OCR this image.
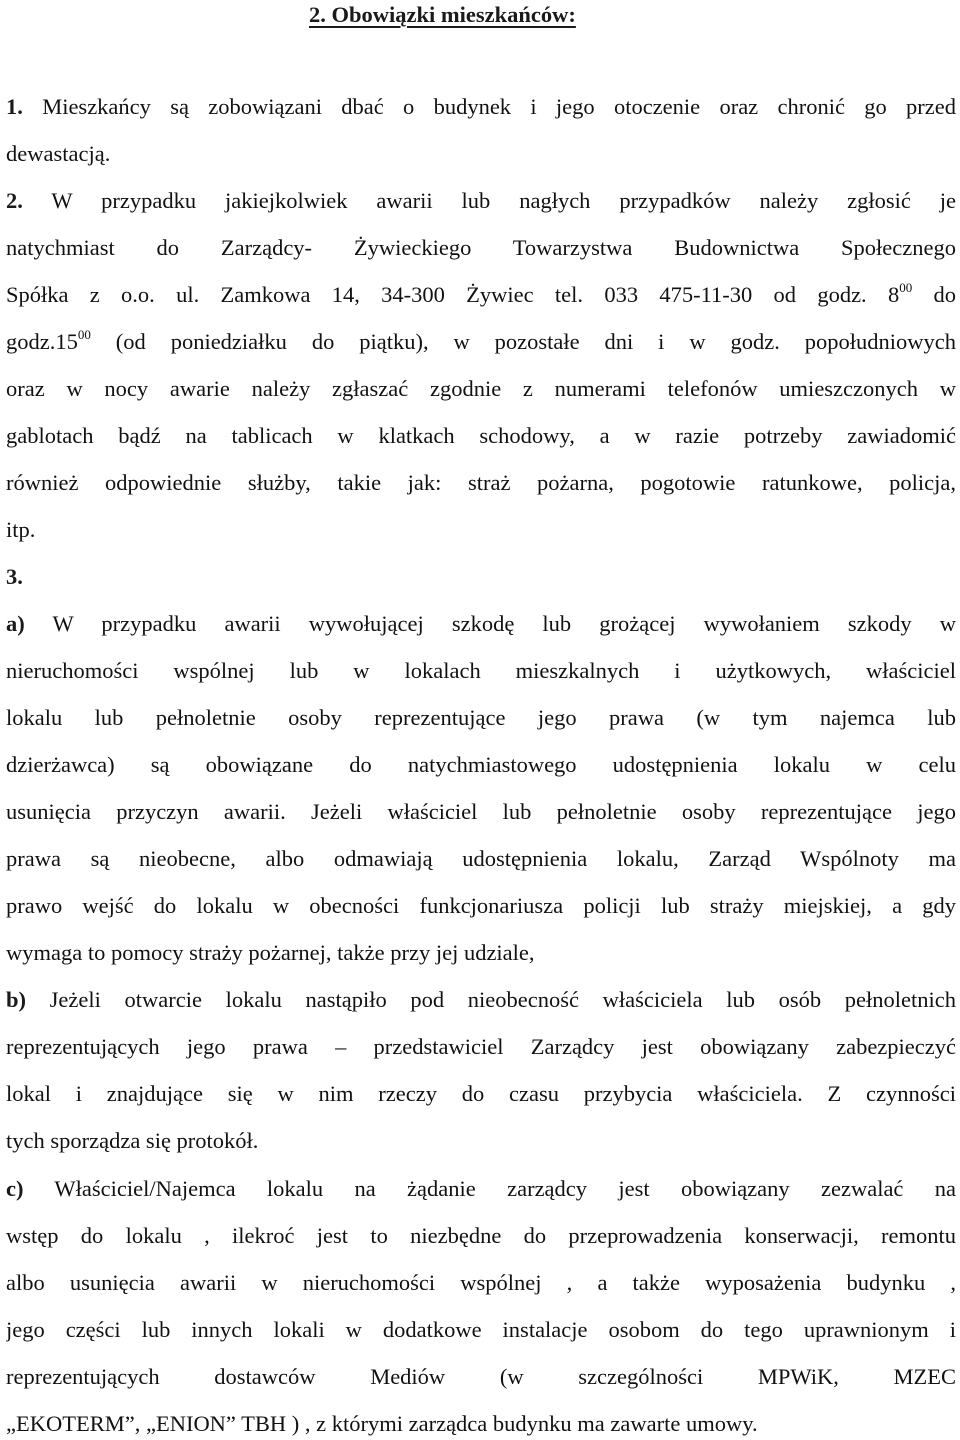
2. Obowiązki mieszkańców:
1. Mieszkańcy są zobowiązani dbać o budynek i jego otoczenie oraz chronić go przed
dewastacją.
2. W przypadku jakiejkolwiek awarii lub nagłych przypadków należy zgłosić je
natychmiast do Zarządcy- Żywieckiego Towarzystwa Budownictwa Społecznego
Spółka z o.o. ul. Zamkowa 14, 34-300 Żywiec tel. 033 475-11-30 od godz. $8^{00}$ do
$godz.15^{00}$ (od poniedziałku do piątku), w pozostałe dni i w godz. popołudniowych
oraz w nocy awarie należy zgłaszać zgodnie z numerami telefonów umieszczonych w
gablotach bądź na tablicach w klatkach schodowy, a w razie potrzeby zawiadomić
również odpowiednie służby, takie jak: straż pożarna, pogotowie ratunkowe, policja,
itp.
3.
a) W przypadku awarii wywołującej szkodę lub grożącej wywołaniem szkody w
nieruchomości wspólnej lub w lokalach mieszkalnych i użytkowych, właściciel
lokalu lub pełnoletnie osoby reprezentujące jego prawa (w tym najemca lub
dzierżawca) są obowiązane do natychmiastowego udostępnienia lokalu w celu
usunięcia przyczyn awarii. Jeżeli właściciel lub pełnoletnie osoby reprezentujące jego
prawa są nieobecne, albo odmawiają udostępnienia lokalu, Zarząd Wspólnoty ma
prawo wejść do lokalu w obecności funkcjonariusza policji lub straży miejskiej, a gdy
wymaga to pomocy straży pożarnej, także przy jej udziale,
b) Jeżeli otwarcie lokalu nastąpiło pod nieobecność właściciela lub osób pełnoletnich
reprezentujących jego prawa – przedstawiciel Zarządcy jest obowiązany zabezpieczyć
lokal i znajdujące się w nim rzeczy do czasu przybycia właściciela. Z czynności
tych sporządza się protokół.
c) Właściciel/Najemca lokalu na żądanie zarządcy jest obowiązany zezwalać na
wstęp do lokalu , ilekroć jest to niezbędne do przeprowadzenia konserwacji, remontu
albo usunięcia awarii w nieruchomości wspólnej , a także wyposażenia budynku ,
jego części lub innych lokali w dodatkowe instalacje osobom do tego uprawnionym i
reprezentujących dostawców Mediów (w szczególności MPWiK, MZEC
„EKOTERM”, „ENION” TBH ) , z którymi zarządca budynku ma zawarte umowy.
